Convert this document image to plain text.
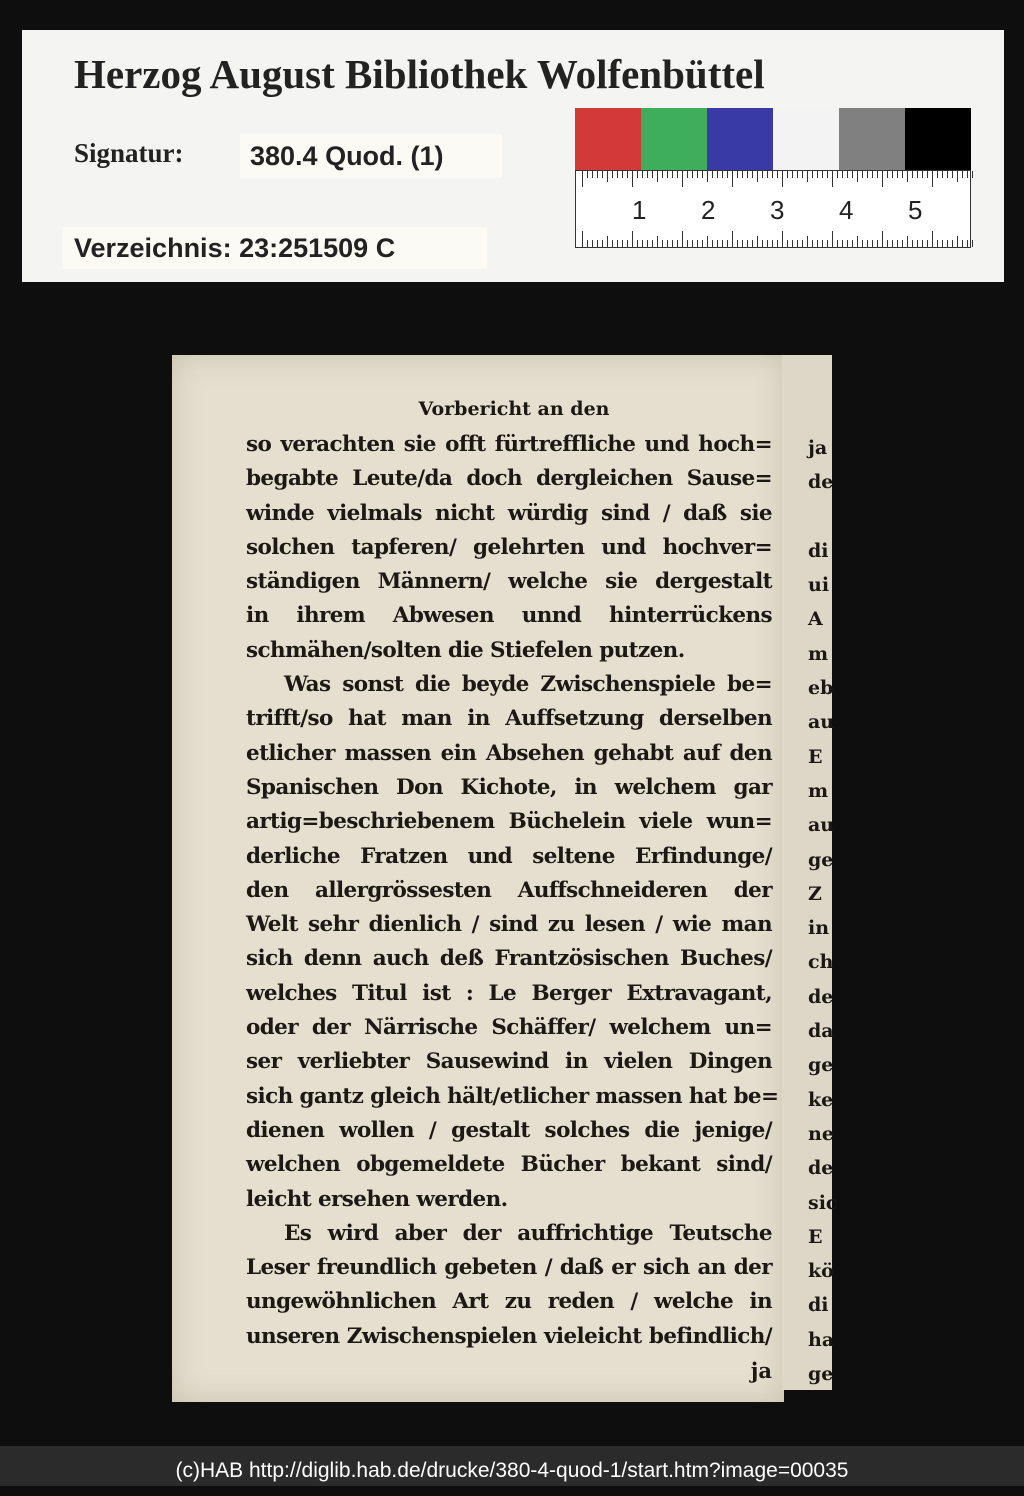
Herzog August Bibliothek Wolfenbüttel
Signatur:	380.4 Quod. (1)
Verzeichnis: 23:251509 C
1 2 3 4 5
ja
de
di
ui
A
m
eb
au
E
m
au
ge
Z
in
ch
de
da
ge
ke
ne
de
sic
E
kö
di
ha
ge
Vorbericht an den
so verachten sie offt fürtreffliche und hoch=
begabte Leute/da doch dergleichen Sause=
winde vielmals nicht würdig sind / daß sie
solchen tapferen/ gelehrten und hochver=
ständigen Männern/ welche sie dergestalt
in ihrem Abwesen unnd hinterrückens
schmähen/solten die Stiefelen putzen.
Was sonst die beyde Zwischenspiele be=
trifft/so hat man in Auffsetzung derselben
etlicher massen ein Absehen gehabt auf den
Spanischen Don Kichote, in welchem gar
artig=beschriebenem Büchelein viele wun=
derliche Fratzen und seltene Erfindunge/
den allergrössesten Auffschneideren der
Welt sehr dienlich / sind zu lesen / wie man
sich denn auch deß Frantzösischen Buches/
welches Titul ist : Le Berger Extravagant,
oder der Närrische Schäffer/ welchem un=
ser verliebter Sausewind in vielen Dingen
sich gantz gleich hält/etlicher massen hat be=
dienen wollen / gestalt solches die jenige/
welchen obgemeldete Bücher bekant sind/
leicht ersehen werden.
Es wird aber der auffrichtige Teutsche
Leser freundlich gebeten / daß er sich an der
ungewöhnlichen Art zu reden / welche in
unseren Zwischenspielen vieleicht befindlich/
ja
(c)HAB http://diglib.hab.de/drucke/380-4-quod-1/start.htm?image=00035
